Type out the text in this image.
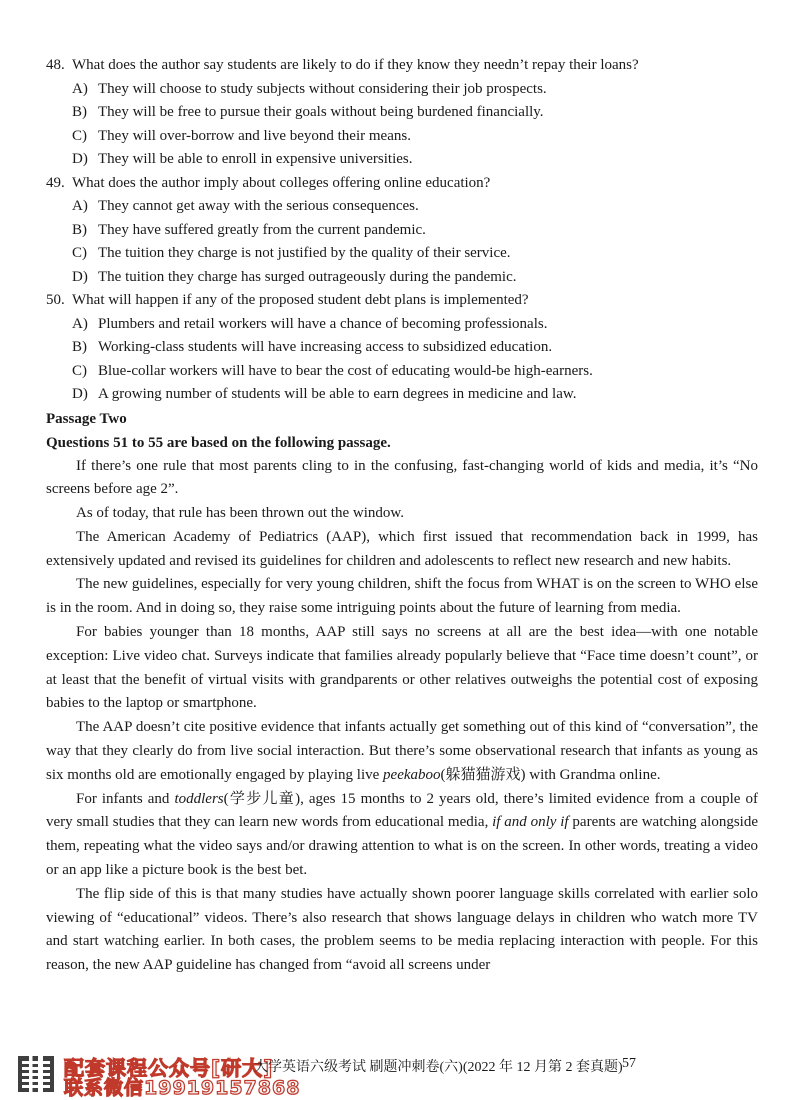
48. What does the author say students are likely to do if they know they needn’t repay their loans?

A) They will choose to study subjects without considering their job prospects.

B) They will be free to pursue their goals without being burdened financially.

C) They will over-borrow and live beyond their means.

D) They will be able to enroll in expensive universities.

49. What does the author imply about colleges offering online education?

A) They cannot get away with the serious consequences.

B) They have suffered greatly from the current pandemic.

C) The tuition they charge is not justified by the quality of their service.

D) The tuition they charge has surged outrageously during the pandemic.

50. What will happen if any of the proposed student debt plans is implemented?

A) Plumbers and retail workers will have a chance of becoming professionals.

B) Working-class students will have increasing access to subsidized education.

C) Blue-collar workers will have to bear the cost of educating would-be high-earners.

D) A growing number of students will be able to earn degrees in medicine and law.

Passage Two

Questions 51 to 55 are based on the following passage.

If there’s one rule that most parents cling to in the confusing, fast-changing world of kids and media, it’s “No screens before age 2”.

As of today, that rule has been thrown out the window.

The American Academy of Pediatrics (AAP), which first issued that recommendation back in 1999, has extensively updated and revised its guidelines for children and adolescents to reflect new research and new habits.

The new guidelines, especially for very young children, shift the focus from WHAT is on the screen to WHO else is in the room. And in doing so, they raise some intriguing points about the future of learning from media.

For babies younger than 18 months, AAP still says no screens at all are the best idea—with one notable exception: Live video chat. Surveys indicate that families already popularly believe that “Face time doesn’t count”, or at least that the benefit of virtual visits with grandparents or other relatives outweighs the potential cost of exposing babies to the laptop or smartphone.

The AAP doesn’t cite positive evidence that infants actually get something out of this kind of “conversation”, the way that they clearly do from live social interaction. But there’s some observational research that infants as young as six months old are emotionally engaged by playing live peekaboo(躲猫猫游戏) with Grandma online.

For infants and toddlers(学步儿童), ages 15 months to 2 years old, there’s limited evidence from a couple of very small studies that they can learn new words from educational media, if and only if parents are watching alongside them, repeating what the video says and/or drawing attention to what is on the screen. In other words, treating a video or an app like a picture book is the best bet.

The flip side of this is that many studies have actually shown poorer language skills correlated with earlier solo viewing of “educational” videos. There’s also research that shows language delays in children who watch more TV and start watching earlier. In both cases, the problem seems to be media replacing interaction with people. For this reason, the new AAP guideline has changed from “avoid all screens under

配套课程公众号[研大]
联系微信19919157868
大学英语六级考试 刷题冲刺卷(六)(2022 年 12 月第 2 套真题) 57
